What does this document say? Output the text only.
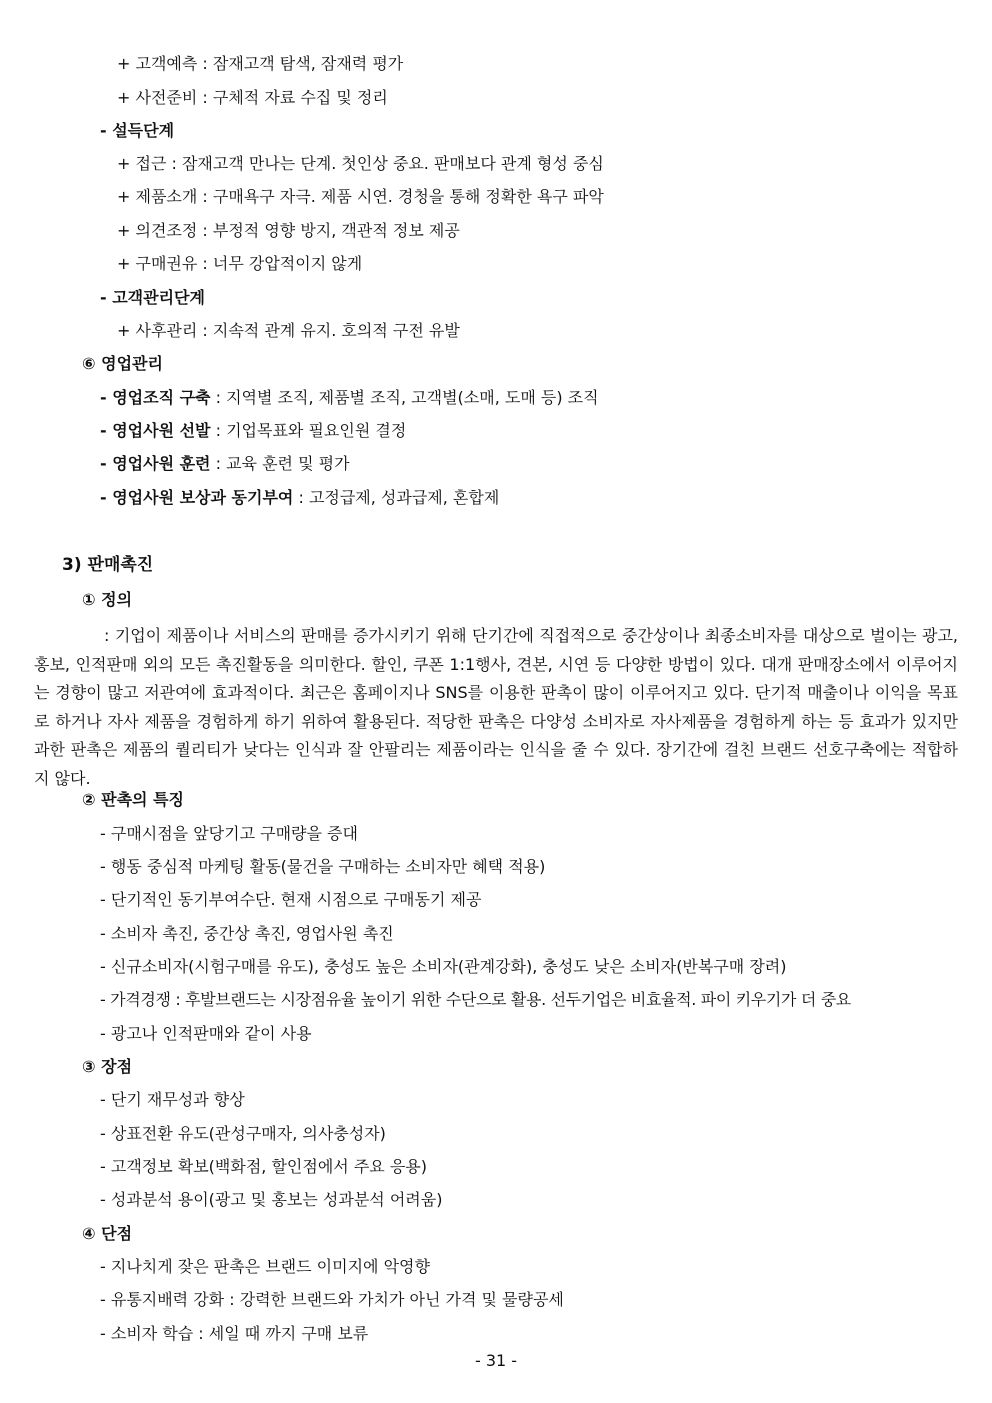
+ 고객예측 : 잠재고객 탐색, 잠재력 평가
+ 사전준비 : 구체적 자료 수집 및 정리
- 설득단계
+ 접근 : 잠재고객 만나는 단계. 첫인상 중요. 판매보다 관계 형성 중심
+ 제품소개 : 구매욕구 자극. 제품 시연. 경청을 통해 정확한 욕구 파악
+ 의견조정 : 부정적 영향 방지, 객관적 정보 제공
+ 구매권유 : 너무 강압적이지 않게
- 고객관리단계
+ 사후관리 : 지속적 관계 유지. 호의적 구전 유발
⑥ 영업관리
- 영업조직 구축 : 지역별 조직, 제품별 조직, 고객별(소매, 도매 등) 조직
- 영업사원 선발 : 기업목표와 필요인원 결정
- 영업사원 훈련 : 교육 훈련 및 평가
- 영업사원 보상과 동기부여 : 고정급제, 성과급제, 혼합제
3) 판매촉진
① 정의
: 기업이 제품이나 서비스의 판매를 증가시키기 위해 단기간에 직접적으로 중간상이나 최종소비자를 대상으로 벌이는 광고, 홍보, 인적판매 외의 모든 촉진활동을 의미한다. 할인, 쿠폰 1:1행사, 견본, 시연 등 다양한 방법이 있다. 대개 판매장소에서 이루어지는 경향이 많고 저관여에 효과적이다. 최근은 홈페이지나 SNS를 이용한 판촉이 많이 이루어지고 있다. 단기적 매출이나 이익을 목표로 하거나 자사 제품을 경험하게 하기 위하여 활용된다. 적당한 판촉은 다양성 소비자로 자사제품을 경험하게 하는 등 효과가 있지만 과한 판촉은 제품의 퀄리티가 낮다는 인식과 잘 안팔리는 제품이라는 인식을 줄 수 있다. 장기간에 걸친 브랜드 선호구축에는 적합하지 않다.
② 판촉의 특징
- 구매시점을 앞당기고 구매량을 증대
- 행동 중심적 마케팅 활동(물건을 구매하는 소비자만 혜택 적용)
- 단기적인 동기부여수단. 현재 시점으로 구매동기 제공
- 소비자 촉진, 중간상 촉진, 영업사원 촉진
- 신규소비자(시험구매를 유도), 충성도 높은 소비자(관계강화), 충성도 낮은 소비자(반복구매 장려)
- 가격경쟁 : 후발브랜드는 시장점유율 높이기 위한 수단으로 활용. 선두기업은 비효율적. 파이 키우기가 더 중요
- 광고나 인적판매와 같이 사용
③ 장점
- 단기 재무성과 향상
- 상표전환 유도(관성구매자, 의사충성자)
- 고객정보 확보(백화점, 할인점에서 주요 응용)
- 성과분석 용이(광고 및 홍보는 성과분석 어려움)
④ 단점
- 지나치게 잦은 판촉은 브랜드 이미지에 악영향
- 유통지배력 강화 : 강력한 브랜드와 가치가 아닌 가격 및 물량공세
- 소비자 학습 : 세일 때 까지 구매 보류
- 31 -
